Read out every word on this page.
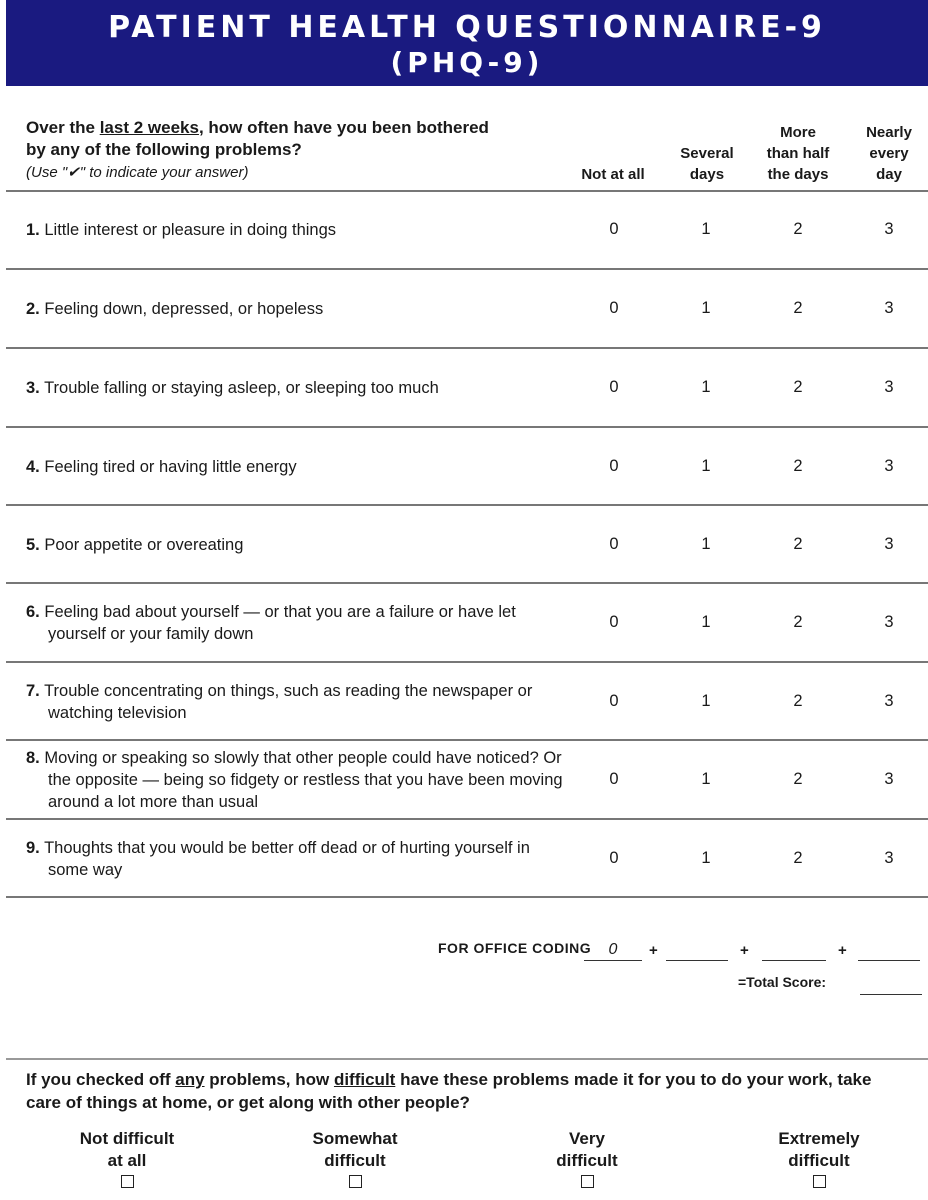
PATIENT HEALTH QUESTIONNAIRE-9
(PHQ-9)
Over the last 2 weeks, how often have you been bothered
by any of the following problems?
(Use "✔" to indicate your answer)	Not at all
Several
days
More
than half
the days
Nearly
every
day
1. Little interest or pleasure in doing things	0	1	2	3
2. Feeling down, depressed, or hopeless	0	1	2	3
3. Trouble falling or staying asleep, or sleeping too much	0	1	2	3
4. Feeling tired or having little energy	0	1	2	3
5. Poor appetite or overeating	0	1	2	3
6. Feeling bad about yourself — or that you are a failure or have let yourself or your family down
0	1	2	3
7. Trouble concentrating on things, such as reading the newspaper or watching television
0	1	2	3
8. Moving or speaking so slowly that other people could have noticed? Or the opposite — being so fidgety or restless that you have been moving around a lot more than usual
0	1	2	3
9. Thoughts that you would be better off dead or of hurting yourself in some way
0	1	2	3
FOR OFFICE CODING	0	+	+	+
=Total Score:
If you checked off any problems, how difficult have these problems made it for you to do your work, take care of things at home, or get along with other people?
Not difficult
at all
Somewhat
difficult
Very
difficult
Extremely
difficult
